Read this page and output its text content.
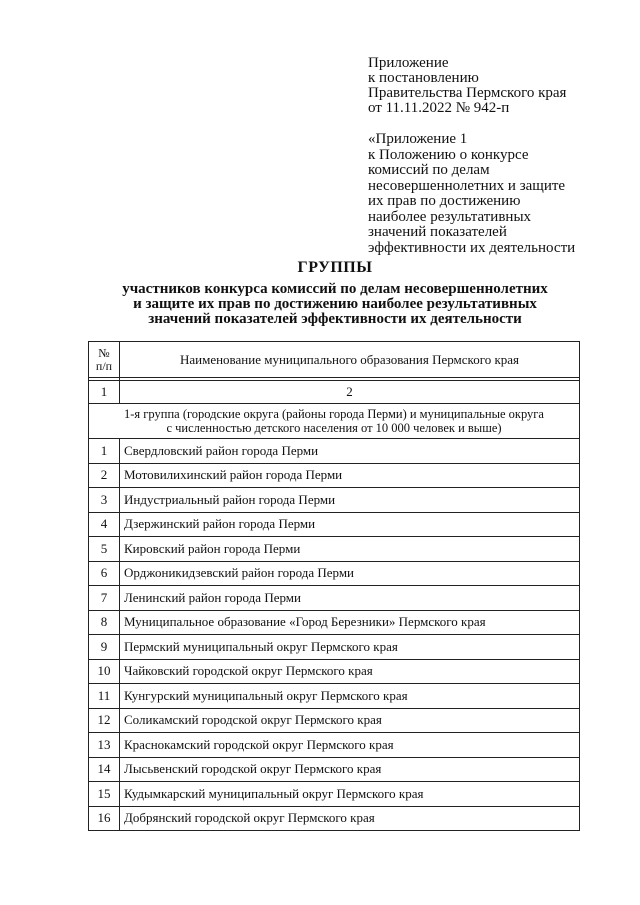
Приложение
к постановлению
Правительства Пермского края
от 11.11.2022 № 942-п
«Приложение 1
к Положению о конкурсе
комиссий по делам
несовершеннолетних и защите
их прав по достижению
наиболее результативных
значений показателей
эффективности их деятельности
ГРУППЫ
участников конкурса комиссий по делам несовершеннолетних
и защите их прав по достижению наиболее результативных
значений показателей эффективности их деятельности
№
п/п	Наименование муниципального образования Пермского края

1	2
1-я группа (городские округа (районы города Перми) и муниципальные округа
с численностью детского населения от 10 000 человек и выше)	
1	Свердловский район города Перми
2	Мотовилихинский район города Перми
3	Индустриальный район города Перми
4	Дзержинский район города Перми
5	Кировский район города Перми
6	Орджоникидзевский район города Перми
7	Ленинский район города Перми
8	Муниципальное образование «Город Березники» Пермского края
9	Пермский муниципальный округ Пермского края
10	Чайковский городской округ Пермского края
11	Кунгурский муниципальный округ Пермского края
12	Соликамский городской округ Пермского края
13	Краснокамский городской округ Пермского края
14	Лысьвенский городской округ Пермского края
15	Кудымкарский муниципальный округ Пермского края
16	Добрянский городской округ Пермского края
